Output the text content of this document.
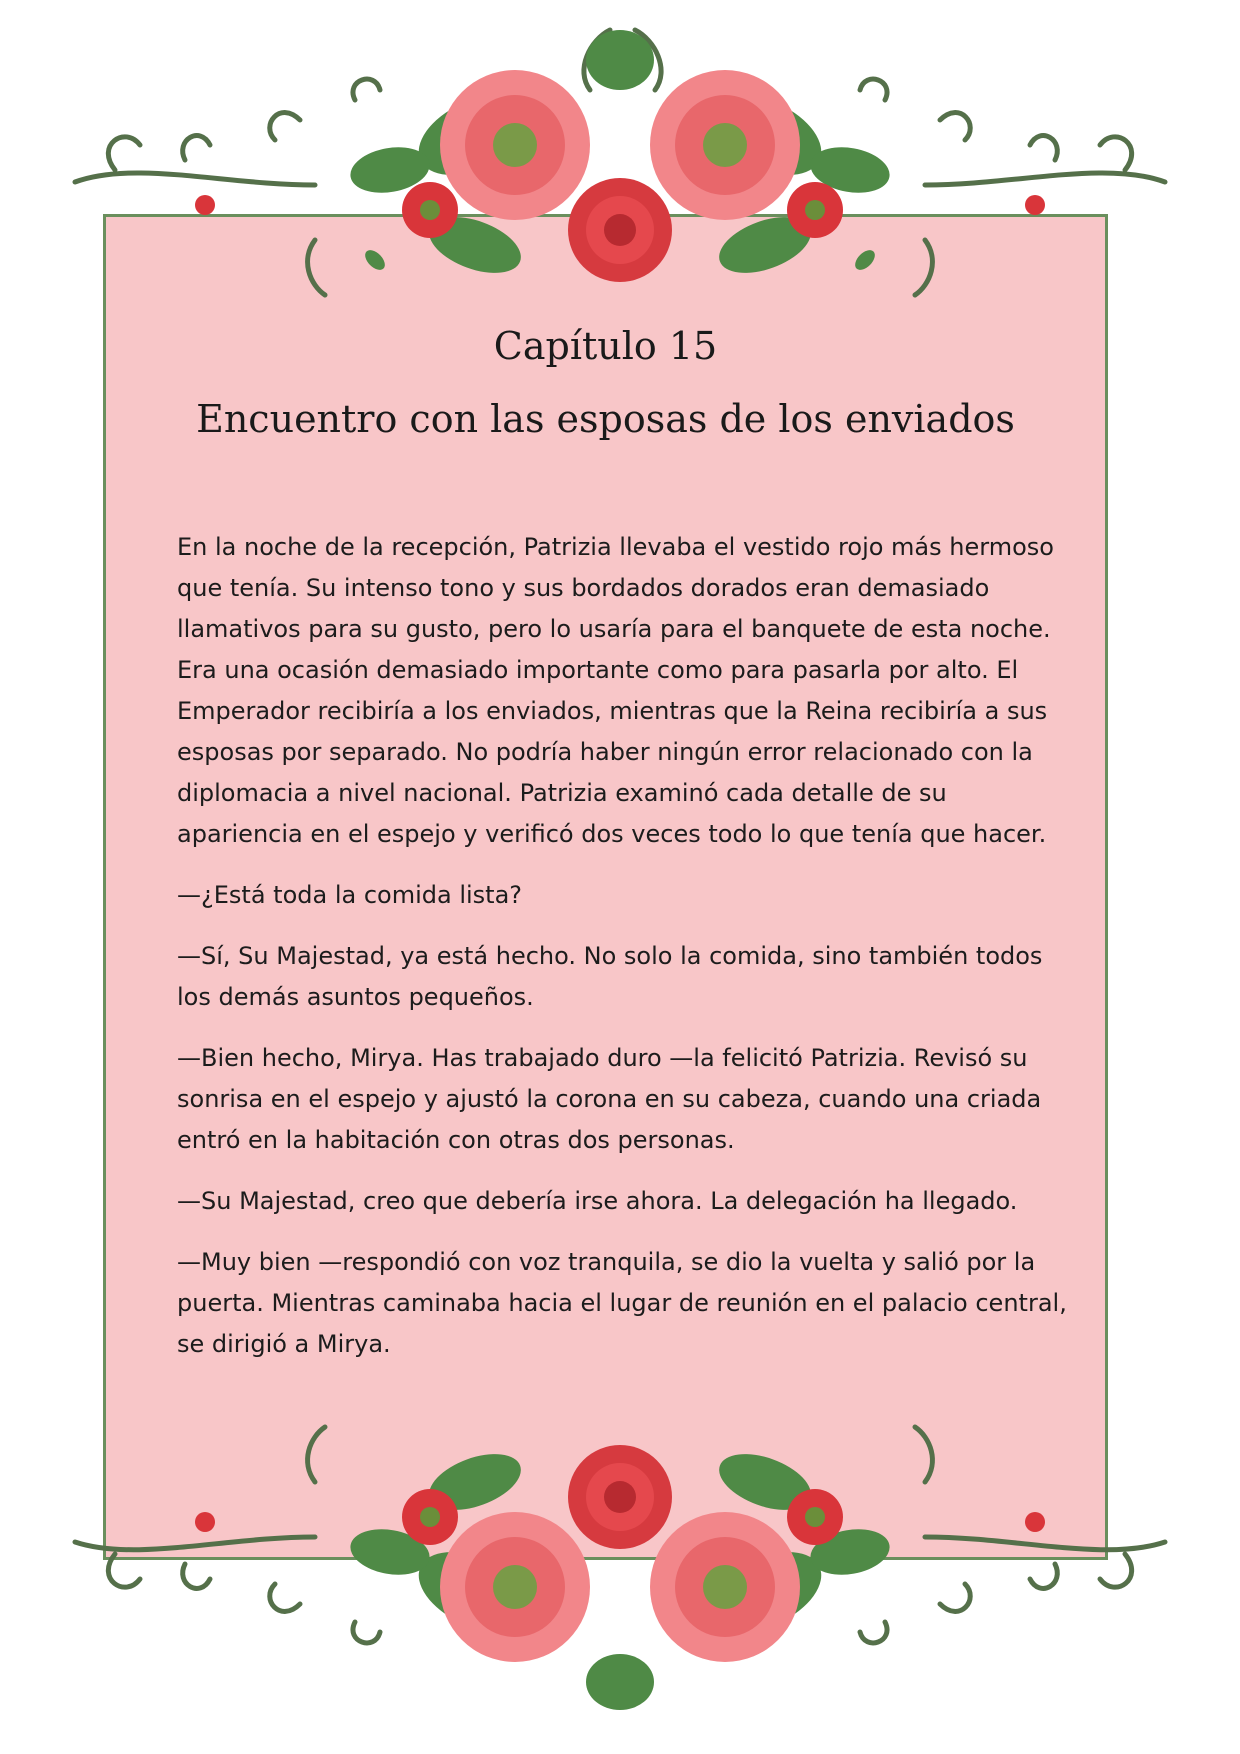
Capítulo 15
Encuentro con las esposas de los enviados

En la noche de la recepción, Patrizia llevaba el vestido rojo más hermoso que tenía. Su intenso tono y sus bordados dorados eran demasiado llamativos para su gusto, pero lo usaría para el banquete de esta noche. Era una ocasión demasiado importante como para pasarla por alto. El Emperador recibiría a los enviados, mientras que la Reina recibiría a sus esposas por separado. No podría haber ningún error relacionado con la diplomacia a nivel nacional. Patrizia examinó cada detalle de su apariencia en el espejo y verificó dos veces todo lo que tenía que hacer.

—¿Está toda la comida lista?

—Sí, Su Majestad, ya está hecho. No solo la comida, sino también todos los demás asuntos pequeños.

—Bien hecho, Mirya. Has trabajado duro —la felicitó Patrizia. Revisó su sonrisa en el espejo y ajustó la corona en su cabeza, cuando una criada entró en la habitación con otras dos personas.

—Su Majestad, creo que debería irse ahora. La delegación ha llegado.

—Muy bien —respondió con voz tranquila, se dio la vuelta y salió por la puerta. Mientras caminaba hacia el lugar de reunión en el palacio central, se dirigió a Mirya.
